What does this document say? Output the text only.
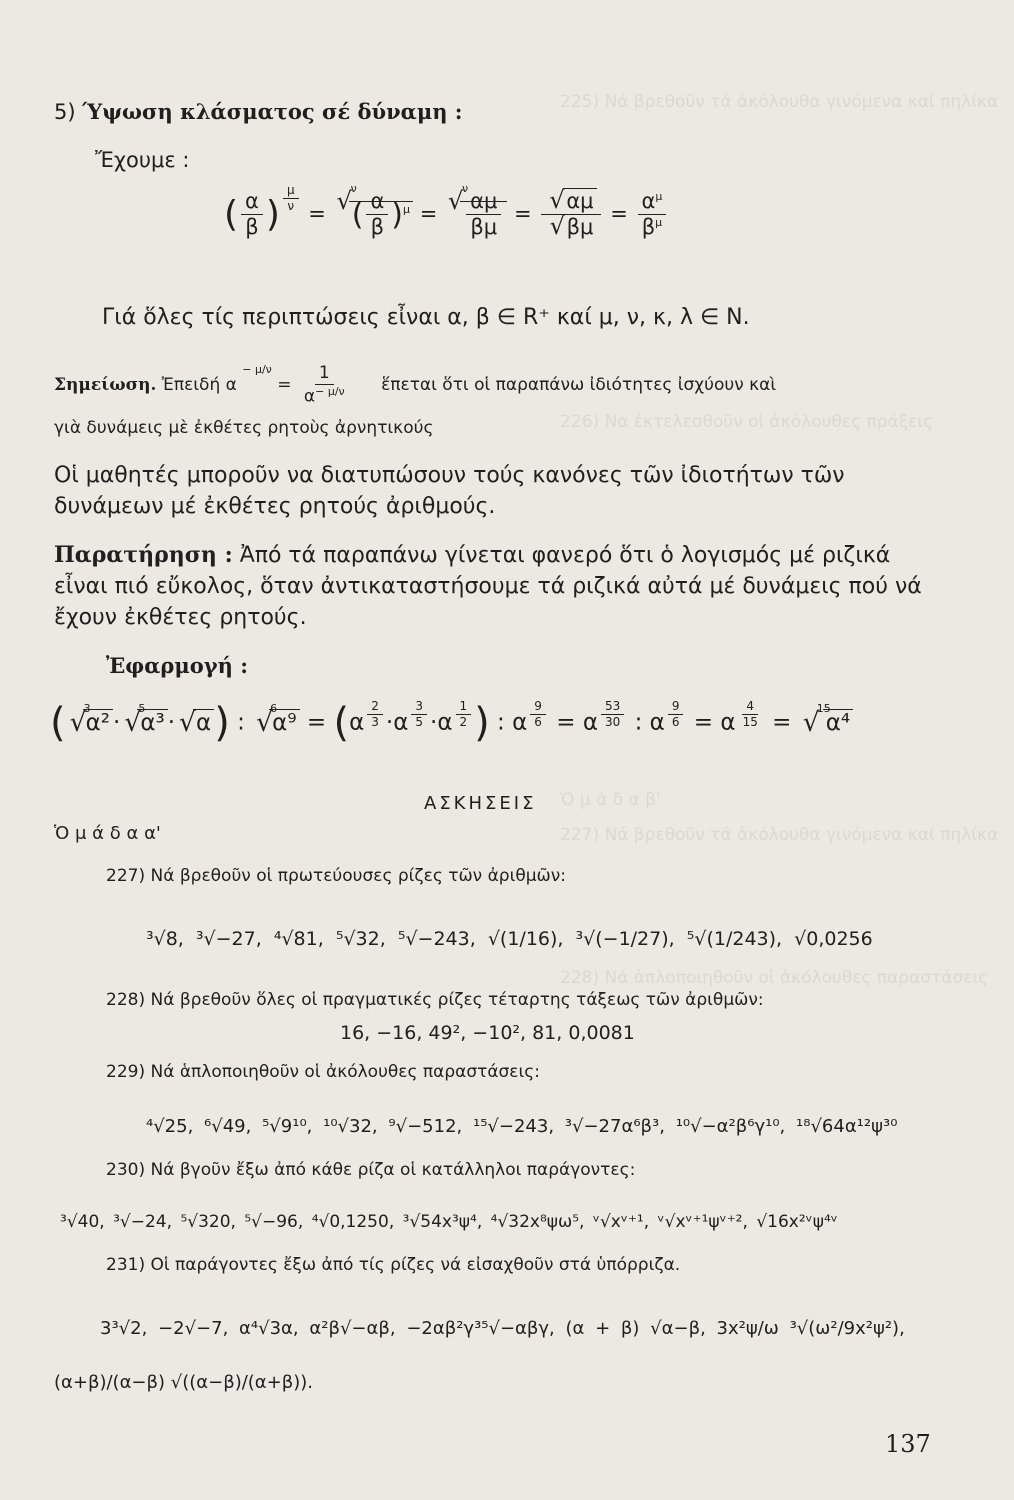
225) Νά βρεθοῦν τά ἀκόλουθα γινόμενα καί πηλίκα
226) Να ἐκτελεσθοῦν οἱ ἀκόλουθες πράξεις
227) Νά βρεθοῦν τά ἀκόλουθα γινόμενα καί πηλίκα
228) Νά ἁπλοποιηθοῦν οἱ ἀκόλουθες παραστάσεις
Ὁ μ ά δ α β'
5) Ύψωση κλάσματος σέ δύναμη :
Ἔχουμε :
( $\frac{\alpha}{\beta}$ ) $\frac{\mu}{\nu}$
= √ $^\nu( \frac{\alpha}{\beta} )^\mu$ = √ $^\nu$
$\frac{\alpha\mu}{\beta\mu}$ = √ αμ
√ $\beta\mu = \frac{\alpha^\mu}{\beta^\mu}$
Γιά ὅλες τίς περιπτώσεις εἶναι α, β ∈ R⁺ καί μ, ν, κ, λ ∈ N.
Σημείωση. Ἐπειδή α $^{- \mu/\nu} = \frac{1}{\alpha^{- \mu/\nu}}$ ἕπεται ὅτι οἱ παραπάνω ἰδιότητες ἰσχύουν καὶ
γιὰ δυνάμεις μὲ ἐκθέτες ρητοὺς ἀρνητικούς
Οἱ μαθητές μποροῦν να διατυπώσουν τούς κανόνες τῶν ἰδιοτήτων τῶν δυνάμεων μέ ἐκθέτες ρητούς ἀριθμούς.
Παρατήρηση : Ἀπό τά παραπάνω γίνεται φανερό ὅτι ὁ λογισμός μέ ριζικά εἶναι πιό εὔκολος, ὅταν ἀντικαταστήσουμε τά ριζικά αὐτά μέ δυνάμεις πού νά ἔχουν ἐκθέτες ρητούς.
Ἐφαρμογή :
( √ $^3$α² ·√ $^5$α³ · √ α) : √ $^6\alpha^9 = (\alpha \frac{2}{3} \cdot\alpha \frac{3}{5} \cdot\alpha \frac{1}{2}$ ) : α $\frac{9}{6} = \alpha \frac{53}{30}$ : α $\frac{9}{6} = \alpha \frac{4}{15}$ = √ $^{15}$α⁴
ΑΣΚΗΣΕΙΣ
Ὁ μ ά δ α α'
227) Νά βρεθοῦν οἱ πρωτεύουσες ρίζες τῶν ἀριθμῶν:
³√8, ³√−27, ⁴√81, ⁵√32, ⁵√−243, √(1/16), ³√(−1/27), ⁵√(1/243), √0,0256
228) Νά βρεθοῦν ὅλες οἱ πραγματικές ρίζες τέταρτης τάξεως τῶν ἀριθμῶν:
16, −16, 49², −10², 81, 0,0081
229) Νά ἁπλοποιηθοῦν οἱ ἀκόλουθες παραστάσεις:
⁴√25, ⁶√49, ⁵√9¹⁰, ¹⁰√32, ⁹√−512, ¹⁵√−243, ³√−27α⁶β³, ¹⁰√−α²β⁶γ¹⁰, ¹⁸√64α¹²ψ³⁰
230) Νά βγοῦν ἔξω ἀπό κάθε ρίζα οἱ κατάλληλοι παράγοντες:
³√40, ³√−24, ⁵√320, ⁵√−96, ⁴√0,1250, ³√54x³ψ⁴, ⁴√32x⁸ψω⁵, ᵛ√xᵛ⁺¹, ᵛ√xᵛ⁺¹ψᵛ⁺², √16x²ᵛψ⁴ᵛ
231) Οἱ παράγοντες ἔξω ἀπό τίς ρίζες νά εἰσαχθοῦν στά ὑπόρριζα.
3³√2, −2√−7, α⁴√3α, α²β√−αβ, −2αβ²γ³⁵√−αβγ, (α + β) √α−β, 3x²ψ/ω ³√(ω²/9x²ψ²),
(α+β)/(α−β) √((α−β)/(α+β)).
137
